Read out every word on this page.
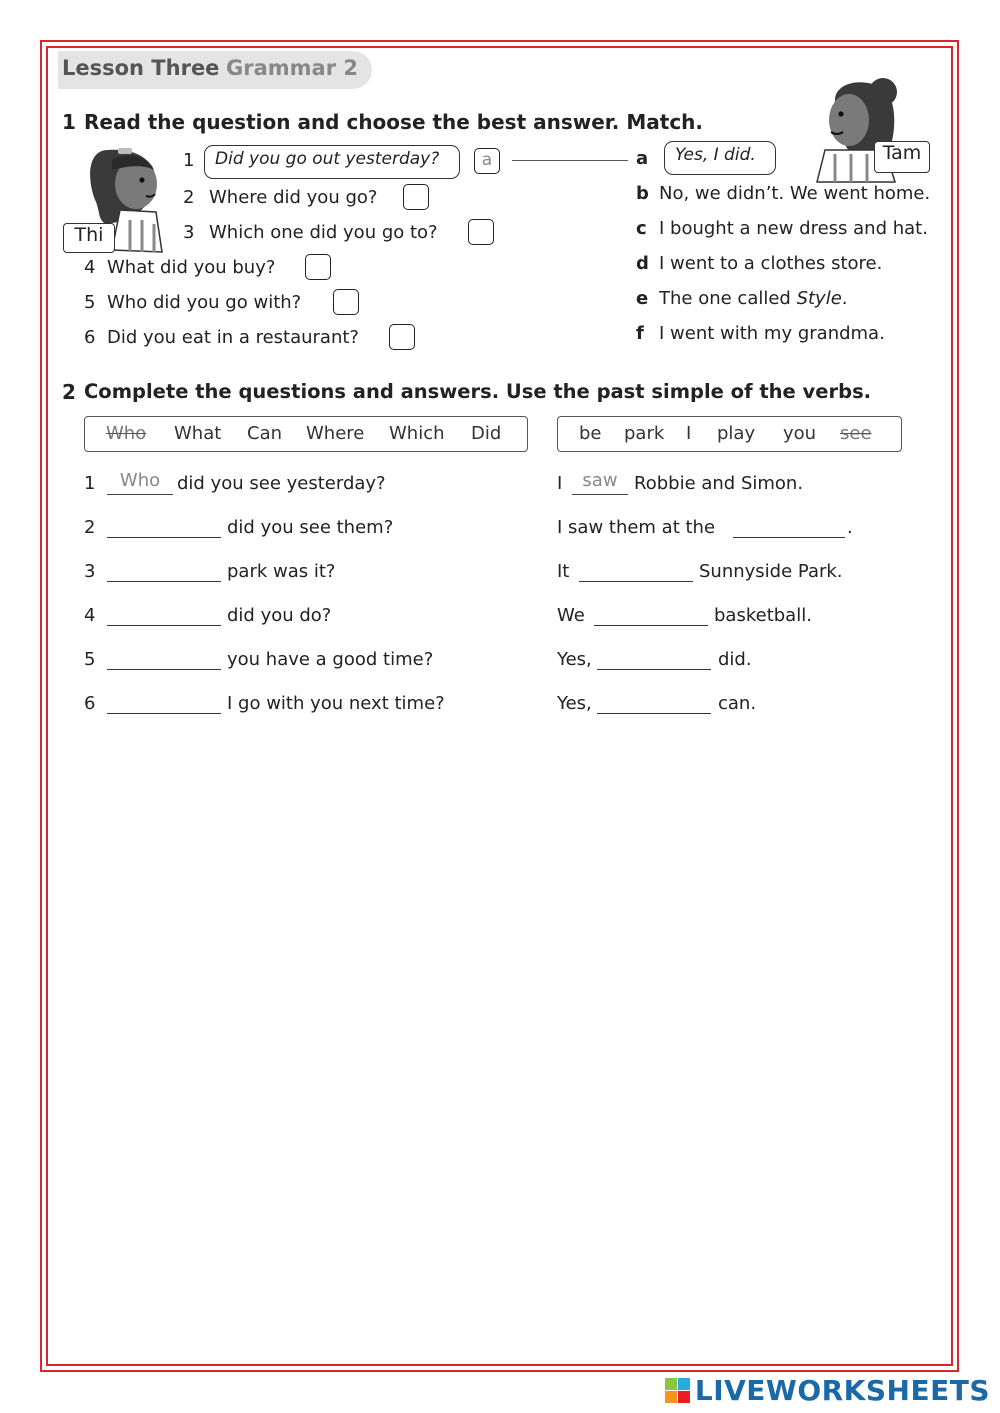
Lesson Three Grammar 2
1 Read the question and choose the best answer. Match.
Thi
Tam
1	Did you go out yesterday?	a
2 Where did you go?
3 Which one did you go to?
4 What did you buy?
5 Who did you go with?
6 Did you eat in a restaurant?
a	Yes, I did.
b No, we didn’t. We went home.
c I bought a new dress and hat.
d I went to a clothes store.
e The one called Style.
f I went with my grandma.
2 Complete the questions and answers. Use the past simple of the verbs.
Who What Can Where Which Did	be park I play you see
1	Who did you see yesterday?	I	saw Robbie and Simon.
2	did you see them?	I saw them at the	.
3	park was it?	It	Sunnyside Park.
4	did you do?	We	basketball.
5	you have a good time?	Yes,	did.
6	I go with you next time?	Yes,	can.
LIVEWORKSHEETS
